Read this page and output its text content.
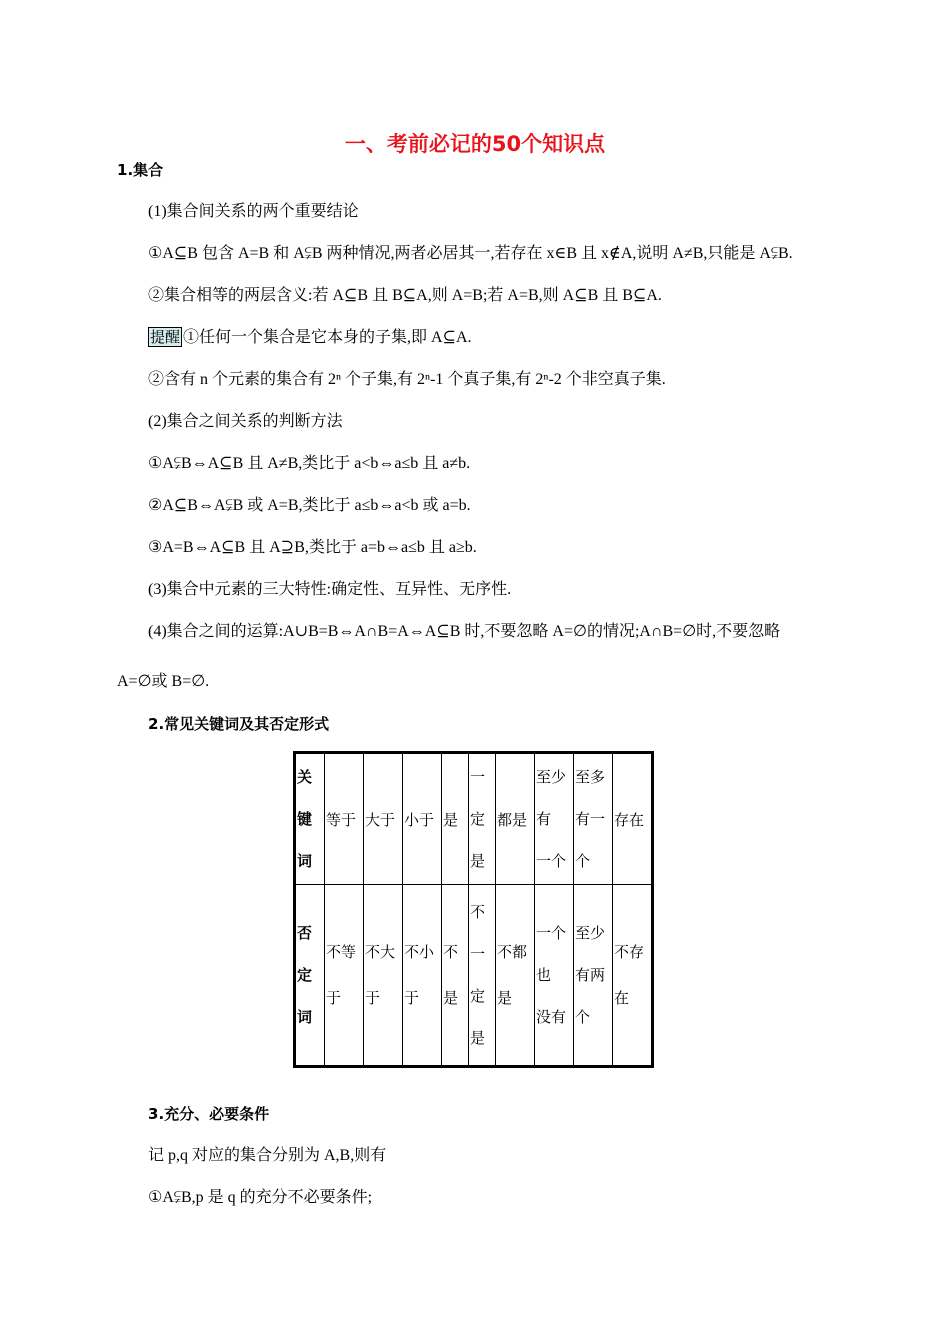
一、考前必记的50个知识点
1.集合
(1)集合间关系的两个重要结论
①A⊆B 包含 A=B 和 A⫋B 两种情况,两者必居其一,若存在 x∈B 且 x∉A,说明 A≠B,只能是 A⫋B.
②集合相等的两层含义:若 A⊆B 且 B⊆A,则 A=B;若 A=B,则 A⊆B 且 B⊆A.
提醒 ①任何一个集合是它本身的子集,即 A⊆A.
②含有 n 个元素的集合有 2ⁿ 个子集,有 2ⁿ-1 个真子集,有 2ⁿ-2 个非空真子集.
(2)集合之间关系的判断方法
①A⫋B⇔A⊆B 且 A≠B,类比于 a<b⇔a≤b 且 a≠b.
②A⊆B⇔A⫋B 或 A=B,类比于 a≤b⇔a<b 或 a=b.
③A=B⇔A⊆B 且 A⊇B,类比于 a=b⇔a≤b 且 a≥b.
(3)集合中元素的三大特性:确定性、互异性、无序性.
(4)集合之间的运算:A∪B=B⇔A∩B=A⇔A⊆B 时,不要忽略 A=∅的情况;A∩B=∅时,不要忽略
A=∅或 B=∅.
2.常见关键词及其否定形式
关
键
词	等于	大于	小于	是	一
定
是	都是	至少
有
一个	至多
有一
个	存在

否
定
词	不等
于	不大
于	不小
于	不
是	不
一
定
是	不都
是	一个
也
没有	至少
有两
个	不存
在
3.充分、必要条件
记 p,q 对应的集合分别为 A,B,则有
①A⫋B,p 是 q 的充分不必要条件;
